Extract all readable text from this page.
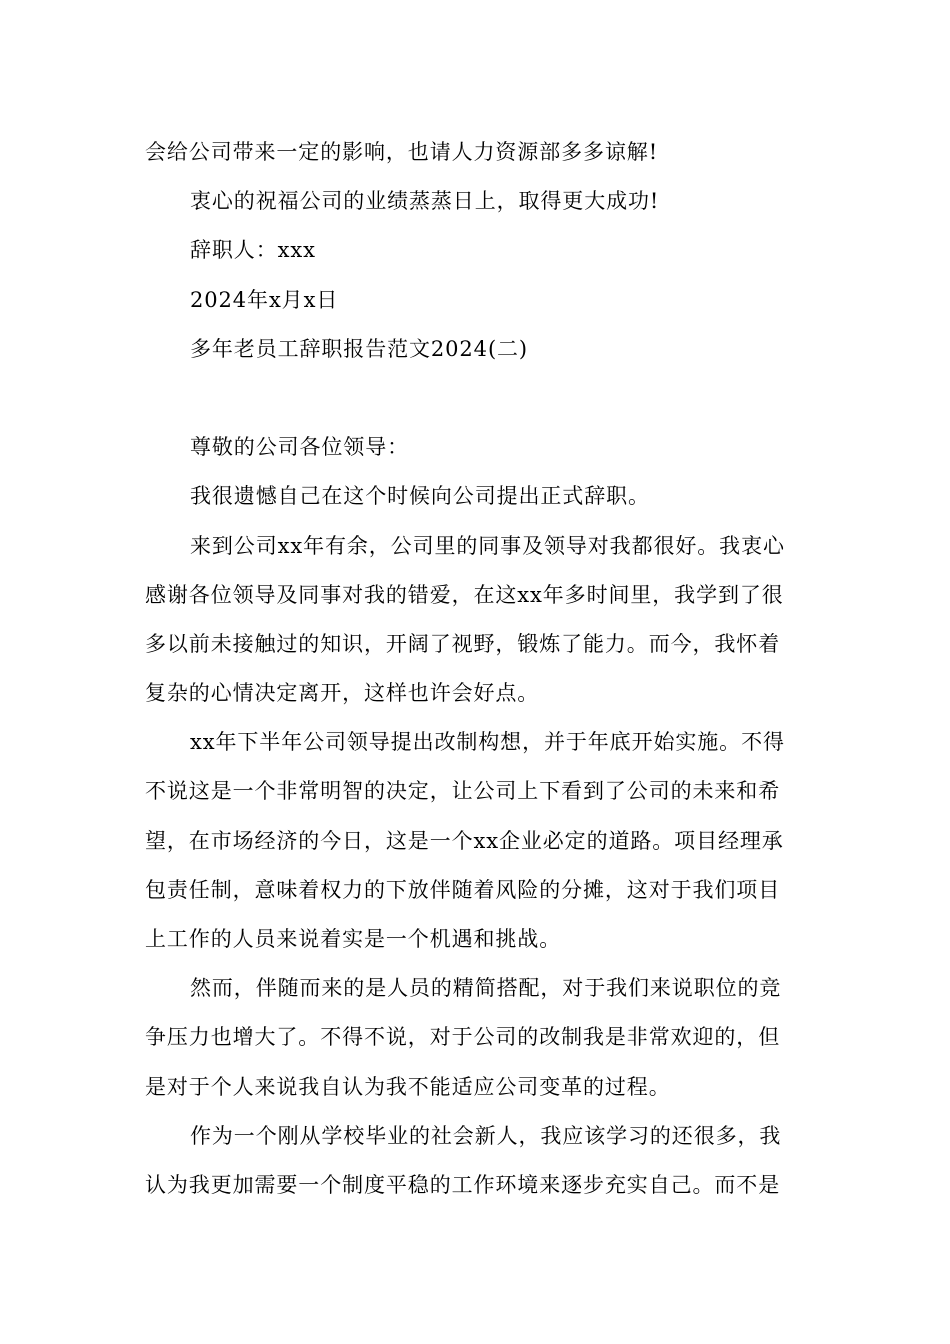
会给公司带来一定的影响，也请人力资源部多多谅解!
衷心的祝福公司的业绩蒸蒸日上，取得更大成功!
辞职人：xxx
2024年x月x日
多年老员工辞职报告范文2024(二)
尊敬的公司各位领导：
我很遗憾自己在这个时候向公司提出正式辞职。
来到公司xx年有余，公司里的同事及领导对我都很好。我衷心
感谢各位领导及同事对我的错爱，在这xx年多时间里，我学到了很
多以前未接触过的知识，开阔了视野，锻炼了能力。而今，我怀着
复杂的心情决定离开，这样也许会好点。
xx年下半年公司领导提出改制构想，并于年底开始实施。不得
不说这是一个非常明智的决定，让公司上下看到了公司的未来和希
望，在市场经济的今日，这是一个xx企业必定的道路。项目经理承
包责任制，意味着权力的下放伴随着风险的分摊，这对于我们项目
上工作的人员来说着实是一个机遇和挑战。
然而，伴随而来的是人员的精简搭配，对于我们来说职位的竞
争压力也增大了。不得不说，对于公司的改制我是非常欢迎的，但
是对于个人来说我自认为我不能适应公司变革的过程。
作为一个刚从学校毕业的社会新人，我应该学习的还很多，我
认为我更加需要一个制度平稳的工作环境来逐步充实自己。而不是
